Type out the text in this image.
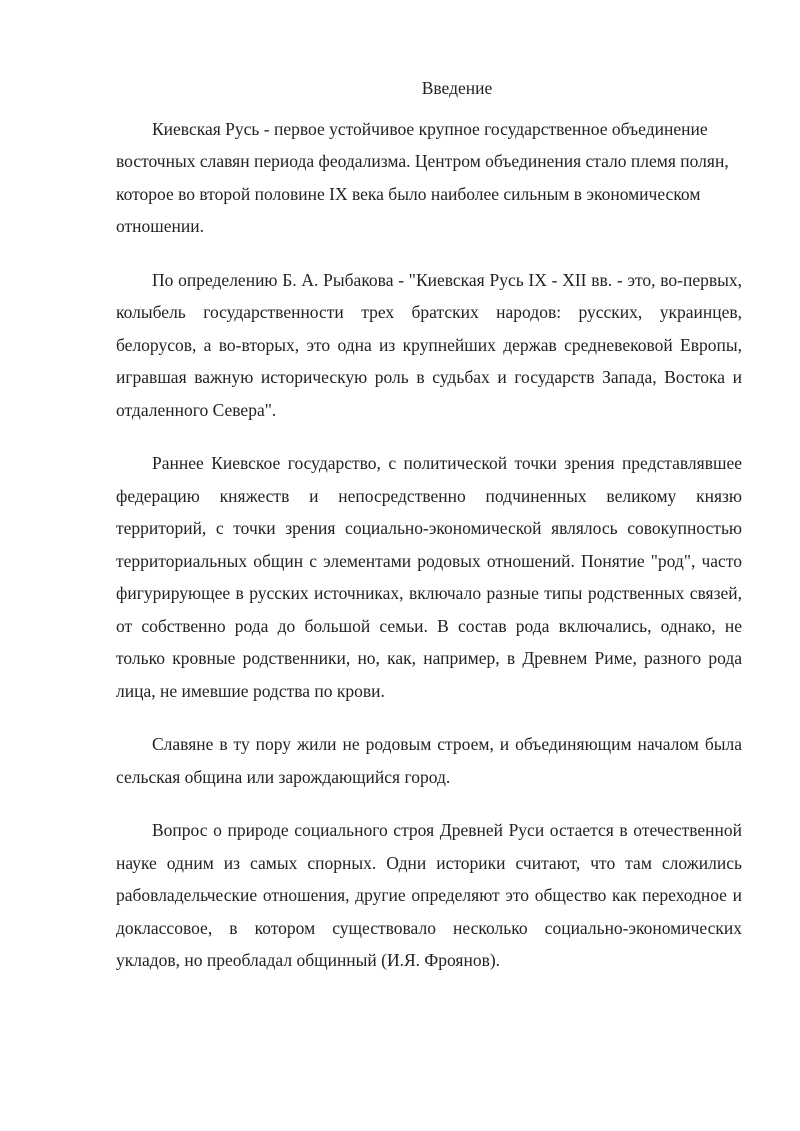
Введение

Киевская Русь - первое устойчивое крупное государственное объединение восточных славян периода феодализма. Центром объединения стало племя полян, которое во второй половине IX века было наиболее сильным в экономическом отношении.

По определению Б. А. Рыбакова - "Киевская Русь IX - XII вв. - это, во-первых, колыбель государственности трех братских народов: русских, украинцев, белорусов, а во-вторых, это одна из крупнейших держав средневековой Европы, игравшая важную историческую роль в судьбах и государств Запада, Востока и отдаленного Севера".

Раннее Киевское государство, с политической точки зрения представлявшее федерацию княжеств и непосредственно подчиненных великому князю территорий, с точки зрения социально-экономической являлось совокупностью территориальных общин с элементами родовых отношений. Понятие "род", часто фигурирующее в русских источниках, включало разные типы родственных связей, от собственно рода до большой семьи. В состав рода включались, однако, не только кровные родственники, но, как, например, в Древнем Риме, разного рода лица, не имевшие родства по крови.

Славяне в ту пору жили не родовым строем, и объединяющим началом была сельская община или зарождающийся город.

Вопрос о природе социального строя Древней Руси остается в отечественной науке одним из самых спорных. Одни историки считают, что там сложились рабовладельческие отношения, другие определяют это общество как переходное и доклассовое, в котором существовало несколько социально-экономических укладов, но преобладал общинный (И.Я. Фроянов).
